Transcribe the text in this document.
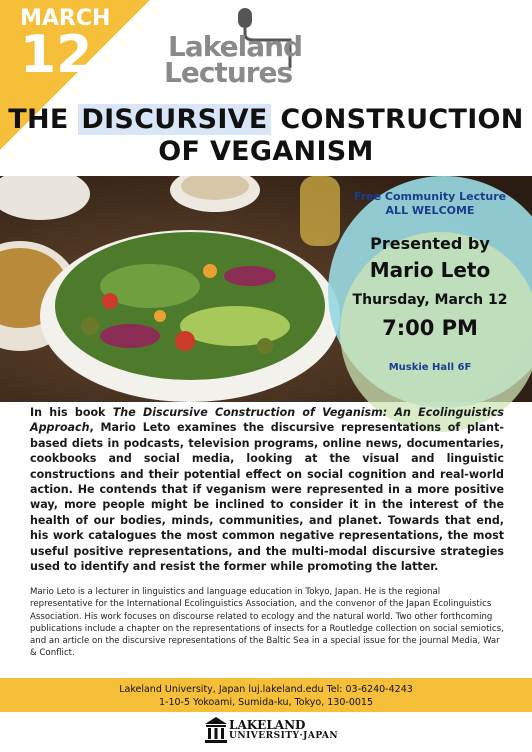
MARCH
12	Lakeland
Lectures
THE DISCURSIVE CONSTRUCTION
OF VEGANISM
Free Community Lecture
ALL WELCOME
Presented by
Mario Leto
Thursday, March 12
7:00 PM
Muskie Hall 6F
In his book The Discursive Construction of Veganism: An Ecolinguistics Approach, Mario Leto examines the discursive representations of plant-based diets in podcasts, television programs, online news, documentaries, cookbooks and social media, looking at the visual and linguistic constructions and their potential effect on social cognition and real-world action. He contends that if veganism were represented in a more positive way, more people might be inclined to consider it in the interest of the health of our bodies, minds, communities, and planet. Towards that end, his work catalogues the most common negative representations, the most useful positive representations, and the multi-modal discursive strategies used to identify and resist the former while promoting the latter.
Mario Leto is a lecturer in linguistics and language education in Tokyo, Japan. He is the regional representative for the International Ecolinguistics Association, and the convenor of the Japan Ecolinguistics Association. His work focuses on discourse related to ecology and the natural world. Two other forthcoming publications include a chapter on the representations of insects for a Routledge collection on social semiotics, and an article on the discursive representations of the Baltic Sea in a special issue for the journal Media, War & Conflict.
Lakeland University, Japan luj.lakeland.edu Tel: 03-6240-4243
1-10-5 Yokoami, Sumida-ku, Tokyo, 130-0015
LAKELAND
UNIVERSITY·JAPAN
